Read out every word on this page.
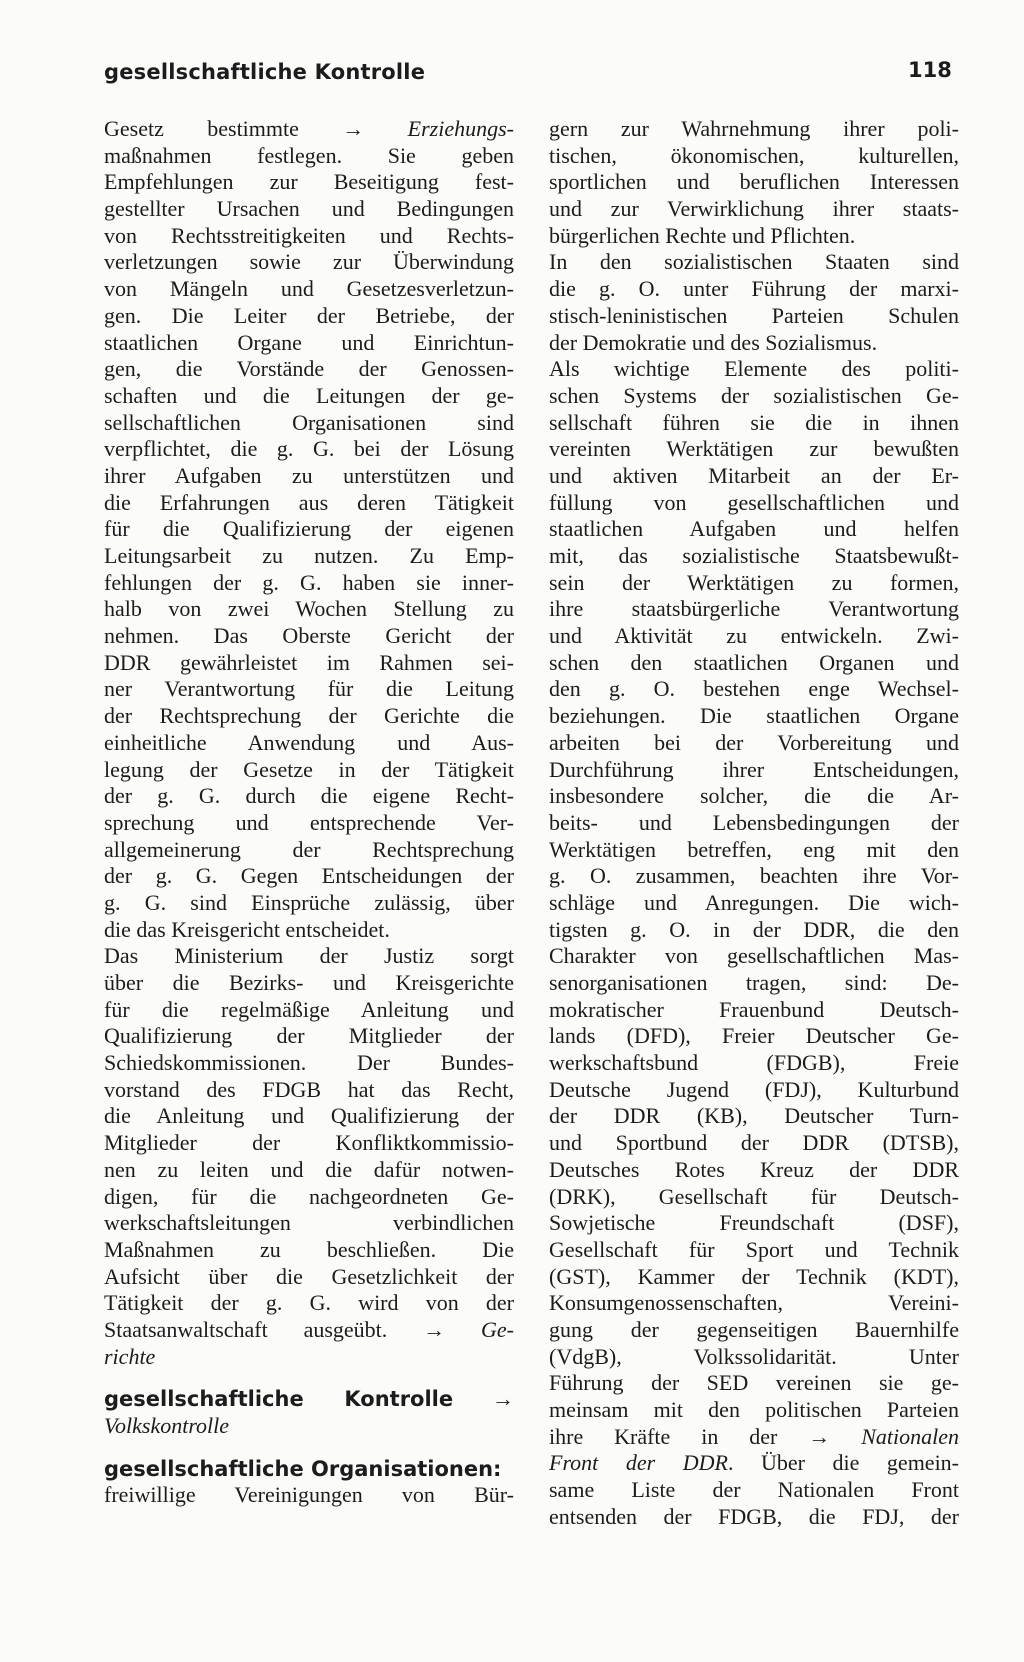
gesellschaftliche Kontrolle	118
Gesetz bestimmte → Erziehungs-
maßnahmen festlegen. Sie geben
Empfehlungen zur Beseitigung fest-
gestellter Ursachen und Bedingungen
von Rechtsstreitigkeiten und Rechts-
verletzungen sowie zur Überwindung
von Mängeln und Gesetzesverletzun-
gen. Die Leiter der Betriebe, der
staatlichen Organe und Einrichtun-
gen, die Vorstände der Genossen-
schaften und die Leitungen der ge-
sellschaftlichen Organisationen sind
verpflichtet, die g. G. bei der Lösung
ihrer Aufgaben zu unterstützen und
die Erfahrungen aus deren Tätigkeit
für die Qualifizierung der eigenen
Leitungsarbeit zu nutzen. Zu Emp-
fehlungen der g. G. haben sie inner-
halb von zwei Wochen Stellung zu
nehmen. Das Oberste Gericht der
DDR gewährleistet im Rahmen sei-
ner Verantwortung für die Leitung
der Rechtsprechung der Gerichte die
einheitliche Anwendung und Aus-
legung der Gesetze in der Tätigkeit
der g. G. durch die eigene Recht-
sprechung und entsprechende Ver-
allgemeinerung der Rechtsprechung
der g. G. Gegen Entscheidungen der
g. G. sind Einsprüche zulässig, über
die das Kreisgericht entscheidet.
Das Ministerium der Justiz sorgt
über die Bezirks- und Kreisgerichte
für die regelmäßige Anleitung und
Qualifizierung der Mitglieder der
Schiedskommissionen. Der Bundes-
vorstand des FDGB hat das Recht,
die Anleitung und Qualifizierung der
Mitglieder der Konfliktkommissio-
nen zu leiten und die dafür notwen-
digen, für die nachgeordneten Ge-
werkschaftsleitungen verbindlichen
Maßnahmen zu beschließen. Die
Aufsicht über die Gesetzlichkeit der
Tätigkeit der g. G. wird von der
Staatsanwaltschaft ausgeübt. → Ge-
richte
gesellschaftliche Kontrolle →
Volkskontrolle
gesellschaftliche Organisationen:
freiwillige Vereinigungen von Bür-
gern zur Wahrnehmung ihrer poli-
tischen, ökonomischen, kulturellen,
sportlichen und beruflichen Interessen
und zur Verwirklichung ihrer staats-
bürgerlichen Rechte und Pflichten.
In den sozialistischen Staaten sind
die g. O. unter Führung der marxi-
stisch-leninistischen Parteien Schulen
der Demokratie und des Sozialismus.
Als wichtige Elemente des politi-
schen Systems der sozialistischen Ge-
sellschaft führen sie die in ihnen
vereinten Werktätigen zur bewußten
und aktiven Mitarbeit an der Er-
füllung von gesellschaftlichen und
staatlichen Aufgaben und helfen
mit, das sozialistische Staatsbewußt-
sein der Werktätigen zu formen,
ihre staatsbürgerliche Verantwortung
und Aktivität zu entwickeln. Zwi-
schen den staatlichen Organen und
den g. O. bestehen enge Wechsel-
beziehungen. Die staatlichen Organe
arbeiten bei der Vorbereitung und
Durchführung ihrer Entscheidungen,
insbesondere solcher, die die Ar-
beits- und Lebensbedingungen der
Werktätigen betreffen, eng mit den
g. O. zusammen, beachten ihre Vor-
schläge und Anregungen. Die wich-
tigsten g. O. in der DDR, die den
Charakter von gesellschaftlichen Mas-
senorganisationen tragen, sind: De-
mokratischer Frauenbund Deutsch-
lands (DFD), Freier Deutscher Ge-
werkschaftsbund (FDGB), Freie
Deutsche Jugend (FDJ), Kulturbund
der DDR (KB), Deutscher Turn-
und Sportbund der DDR (DTSB),
Deutsches Rotes Kreuz der DDR
(DRK), Gesellschaft für Deutsch-
Sowjetische Freundschaft (DSF),
Gesellschaft für Sport und Technik
(GST), Kammer der Technik (KDT),
Konsumgenossenschaften, Vereini-
gung der gegenseitigen Bauernhilfe
(VdgB), Volkssolidarität. Unter
Führung der SED vereinen sie ge-
meinsam mit den politischen Parteien
ihre Kräfte in der → Nationalen
Front der DDR. Über die gemein-
same Liste der Nationalen Front
entsenden der FDGB, die FDJ, der
